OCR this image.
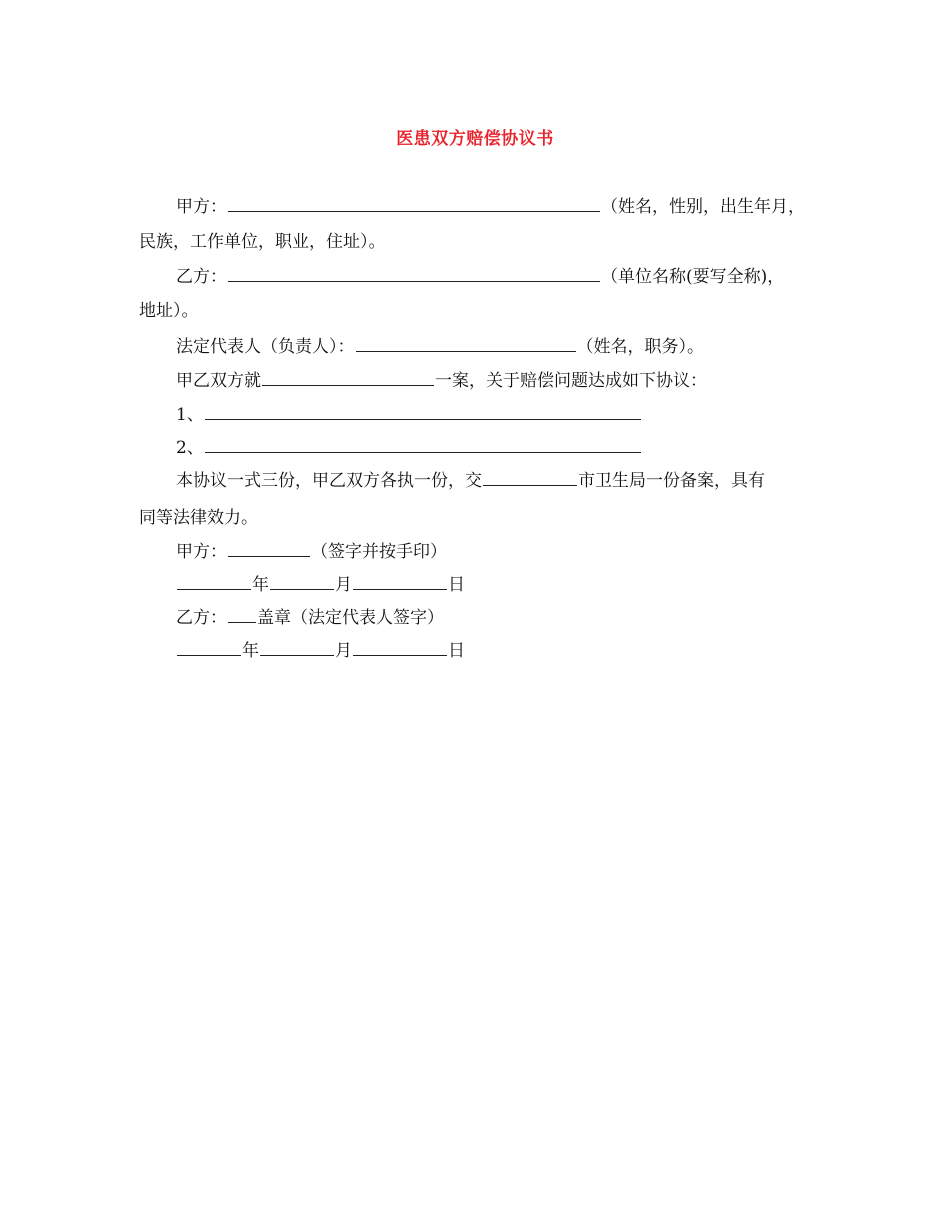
医患双方赔偿协议书
甲方：	（姓名，性别，出生年月，
民族，工作单位，职业，住址）。
乙方：	（单位名称(要写全称)，
地址）。
法定代表人（负责人）：	（姓名，职务）。
甲乙双方就	一案，关于赔偿问题达成如下协议：
1、
2、
本协议一式三份，甲乙双方各执一份，交	市卫生局一份备案，具有
同等法律效力。
甲方：	（签字并按手印）
年	月	日
乙方： 盖章（法定代表人签字）
年	月	日
